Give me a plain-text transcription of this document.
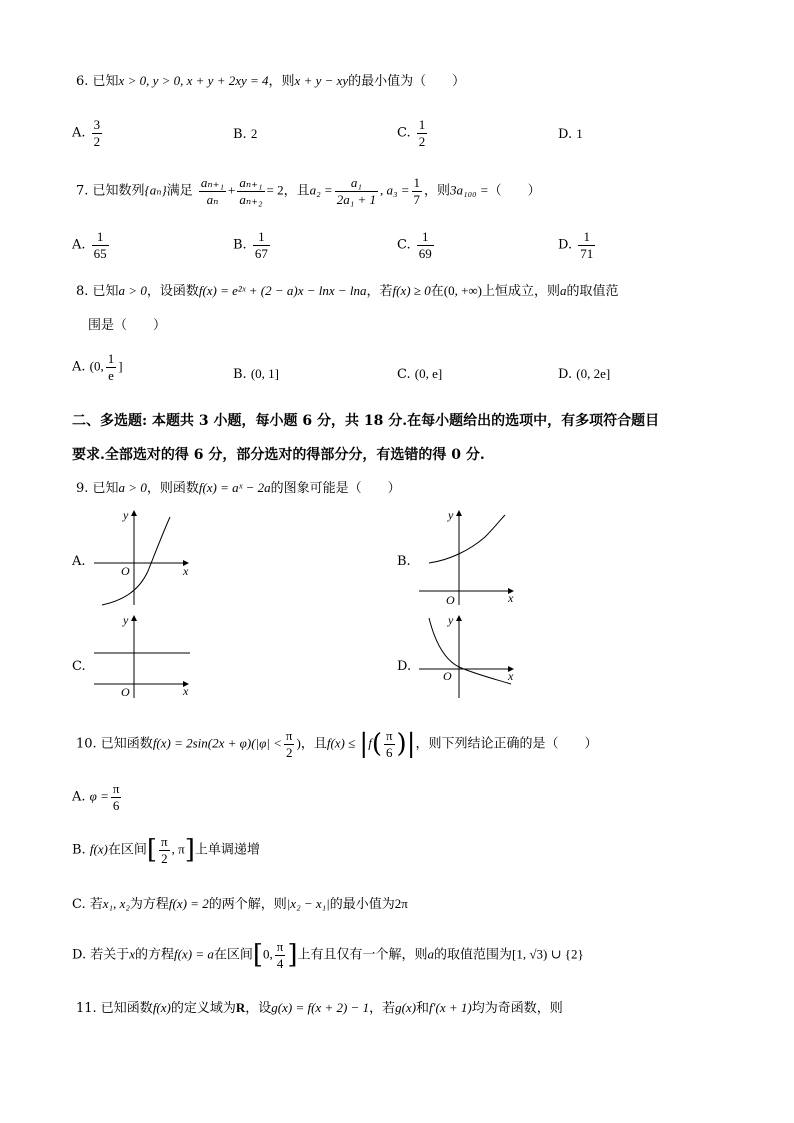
6. 已知x > 0, y > 0, x + y + 2xy = 4，则x + y − xy的最小值为（　　）
A. $\frac{3}{2}$	B. 2	C. $\frac{1}{2}$	D. 1
7. 已知数列{aₙ}满足 $\frac{\text{aₙ₊₁}}{\text{aₙ}} + \frac{\text{aₙ₊₁}}{\text{aₙ₊₂}} = 2$，且$a_2 = \frac{\text{a₁}}{\text{2a₁ + 1}}$ , $a_3 = \frac{1}{7}$ ，则3a₁₀₀ =（　　）
A. $\frac{1}{65}$	B. $\frac{1}{67}$	C. $\frac{1}{69}$	D. $\frac{1}{71}$
8. 已知a > 0，设函数f(x) = e²ˣ + (2 − a)x − lnx − lna，若f(x) ≥ 0在(0, +∞)上恒成立，则a的取值范
围是（　　）
A. (0, $\frac{1}{e}$ ]
B. (0, 1]	C. (0, e]	D. (0, 2e]
二、多选题: 本题共 3 小题，每小题 6 分，共 18 分.在每小题给出的选项中，有多项符合题目
要求.全部选对的得 6 分，部分选对的得部分分，有选错的得 0 分.
9. 已知a > 0，则函数f(x) = aˣ − 2a的图象可能是（　　）
A.
y
x
O
B.
y
x
O
C.
y
x
O
D.
y
x
O
10. 已知函数$f(x) = 2\sin(2x + \varphi)(|\varphi| < \frac{\pi}{2}$ )，且$f(x) \le |f( \frac{\pi}{6}$ )|，则下列结论正确的是（　　）
A. $\varphi = \frac{\pi}{6}$
B. f(x)在区间[ $\frac{\pi}{2}$ , π]上单调递增
C. 若x₁, x₂为方程f(x) = 2的两个解，则|x₂ − x₁|的最小值为2π
D. 若关于x的方程f(x) = a在区间[0, $\frac{\pi}{4}$ ]上有且仅有一个解，则a的取值范围为[1, √3) ∪ {2}
11. 已知函数f(x)的定义域为R，设g(x) = f(x + 2) − 1，若g(x)和f′(x + 1)均为奇函数，则
